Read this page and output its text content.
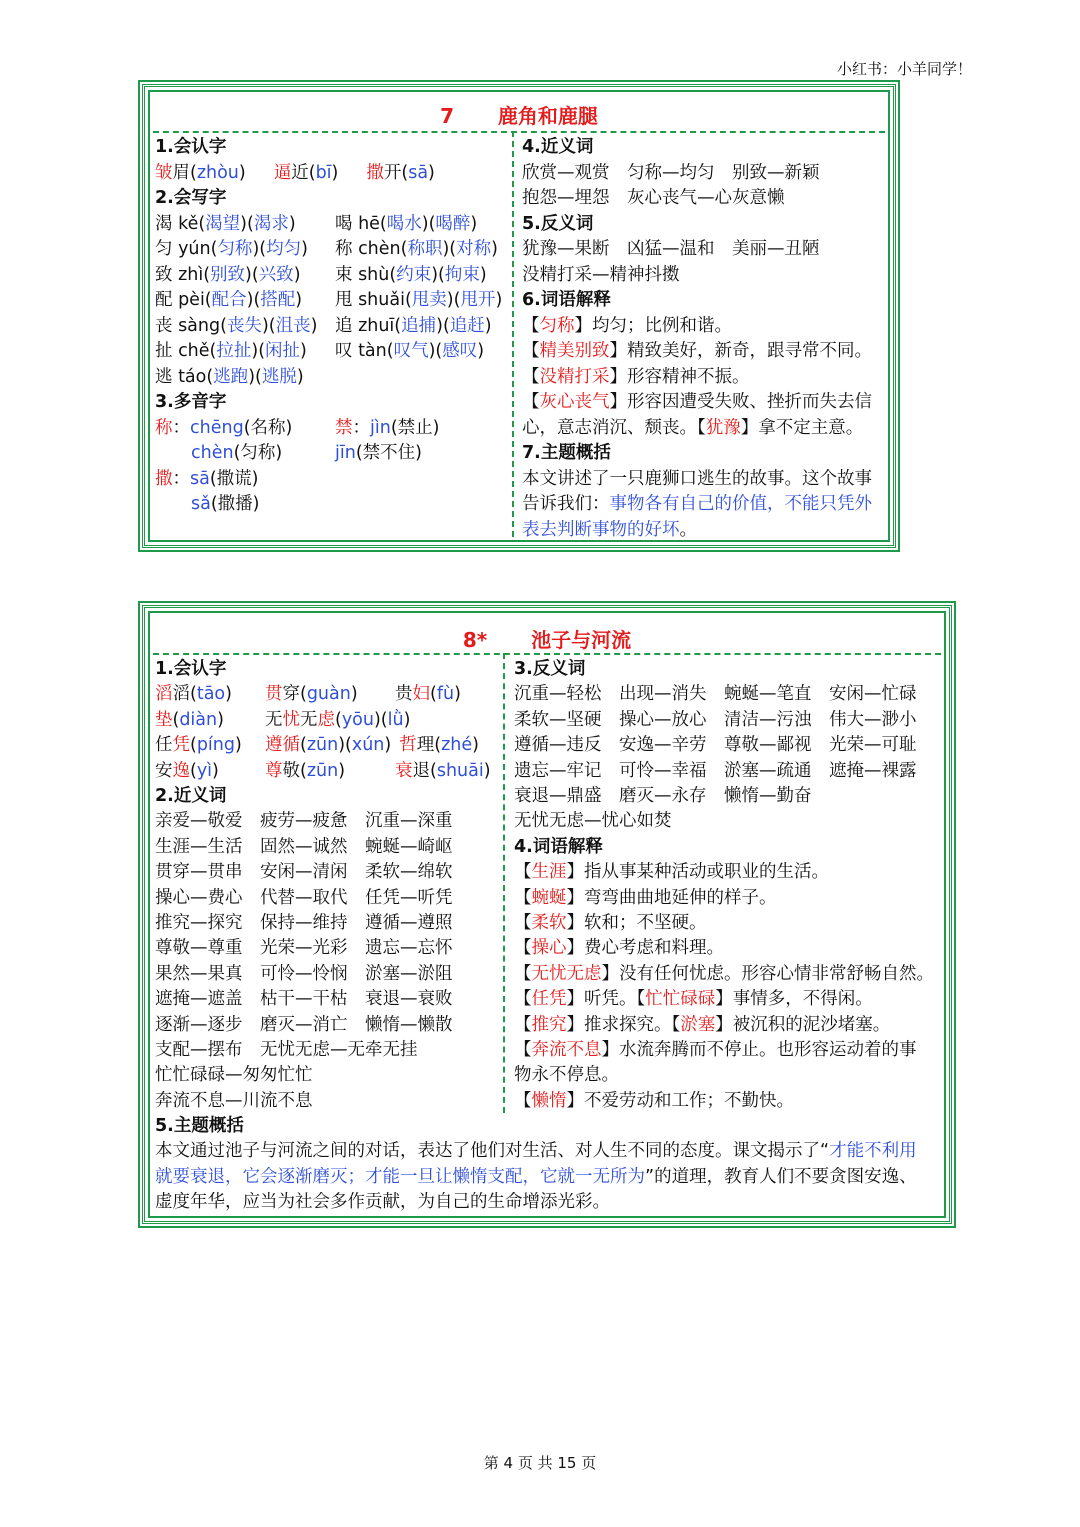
小红书：小羊同学！
7 鹿角和鹿腿
1.会认字
皱眉(zhòu) 逼近(bī) 撒开(sā)
2.会写字
渴 kě(渴望)(渴求) 喝 hē(喝水)(喝醉)
匀 yún(匀称)(均匀) 称 chèn(称职)(对称)
致 zhì(别致)(兴致) 束 shù(约束)(拘束)
配 pèi(配合)(搭配) 甩 shuǎi(甩卖)(甩开)
丧 sàng(丧失)(沮丧) 追 zhuī(追捕)(追赶)
扯 chě(拉扯)(闲扯) 叹 tàn(叹气)(感叹)
逃 táo(逃跑)(逃脱)
3.多音字
称：chēng(名称) 禁：jìn(禁止)
chèn(匀称)	jīn(禁不住)
撒：sā(撒谎)
sǎ(撒播)
4.近义词
欣赏—观赏　匀称—均匀　别致—新颖
抱怨—埋怨　灰心丧气—心灰意懒
5.反义词
犹豫—果断　凶猛—温和　美丽—丑陋
没精打采—精神抖擞
6.词语解释
【匀称】均匀；比例和谐。
【精美别致】精致美好，新奇，跟寻常不同。
【没精打采】形容精神不振。
【灰心丧气】形容因遭受失败、挫折而失去信
心，意志消沉、颓丧。【犹豫】拿不定主意。
7.主题概括
本文讲述了一只鹿狮口逃生的故事。这个故事
告诉我们：事物各有自己的价值，不能只凭外
表去判断事物的好坏。
8* 池子与河流
1.会认字
滔滔(tāo) 贯穿(guàn) 贵妇(fù)
垫(diàn) 无忧无虑(yōu)(lǜ)
任凭(píng) 遵循(zūn)(xún) 哲理(zhé)
安逸(yì)	尊敬(zūn)	衰退(shuāi)
2.近义词
亲爱—敬爱　疲劳—疲惫　沉重—深重
生涯—生活　固然—诚然　蜿蜒—崎岖
贯穿—贯串　安闲—清闲　柔软—绵软
操心—费心　代替—取代　任凭—听凭
推究—探究　保持—维持　遵循—遵照
尊敬—尊重　光荣—光彩　遗忘—忘怀
果然—果真　可怜—怜悯　淤塞—淤阻
遮掩—遮盖　枯干—干枯　衰退—衰败
逐渐—逐步　磨灭—消亡　懒惰—懒散
支配—摆布　无忧无虑—无牵无挂
忙忙碌碌—匆匆忙忙
奔流不息—川流不息
3.反义词
沉重—轻松　出现—消失　蜿蜒—笔直　安闲—忙碌
柔软—坚硬　操心—放心　清洁—污浊　伟大—渺小
遵循—违反　安逸—辛劳　尊敬—鄙视　光荣—可耻
遗忘—牢记　可怜—幸福　淤塞—疏通　遮掩—裸露
衰退—鼎盛　磨灭—永存　懒惰—勤奋
无忧无虑—忧心如焚
4.词语解释
【生涯】指从事某种活动或职业的生活。
【蜿蜒】弯弯曲曲地延伸的样子。
【柔软】软和；不坚硬。
【操心】费心考虑和料理。
【无忧无虑】没有任何忧虑。形容心情非常舒畅自然。
【任凭】听凭。【忙忙碌碌】事情多，不得闲。
【推究】推求探究。【淤塞】被沉积的泥沙堵塞。
【奔流不息】水流奔腾而不停止。也形容运动着的事
物永不停息。
【懒惰】不爱劳动和工作；不勤快。
5.主题概括
本文通过池子与河流之间的对话，表达了他们对生活、对人生不同的态度。课文揭示了“才能不利用
就要衰退，它会逐渐磨灭；才能一旦让懒惰支配，它就一无所为”的道理，教育人们不要贪图安逸、
虚度年华，应当为社会多作贡献，为自己的生命增添光彩。
第 4 页 共 15 页
